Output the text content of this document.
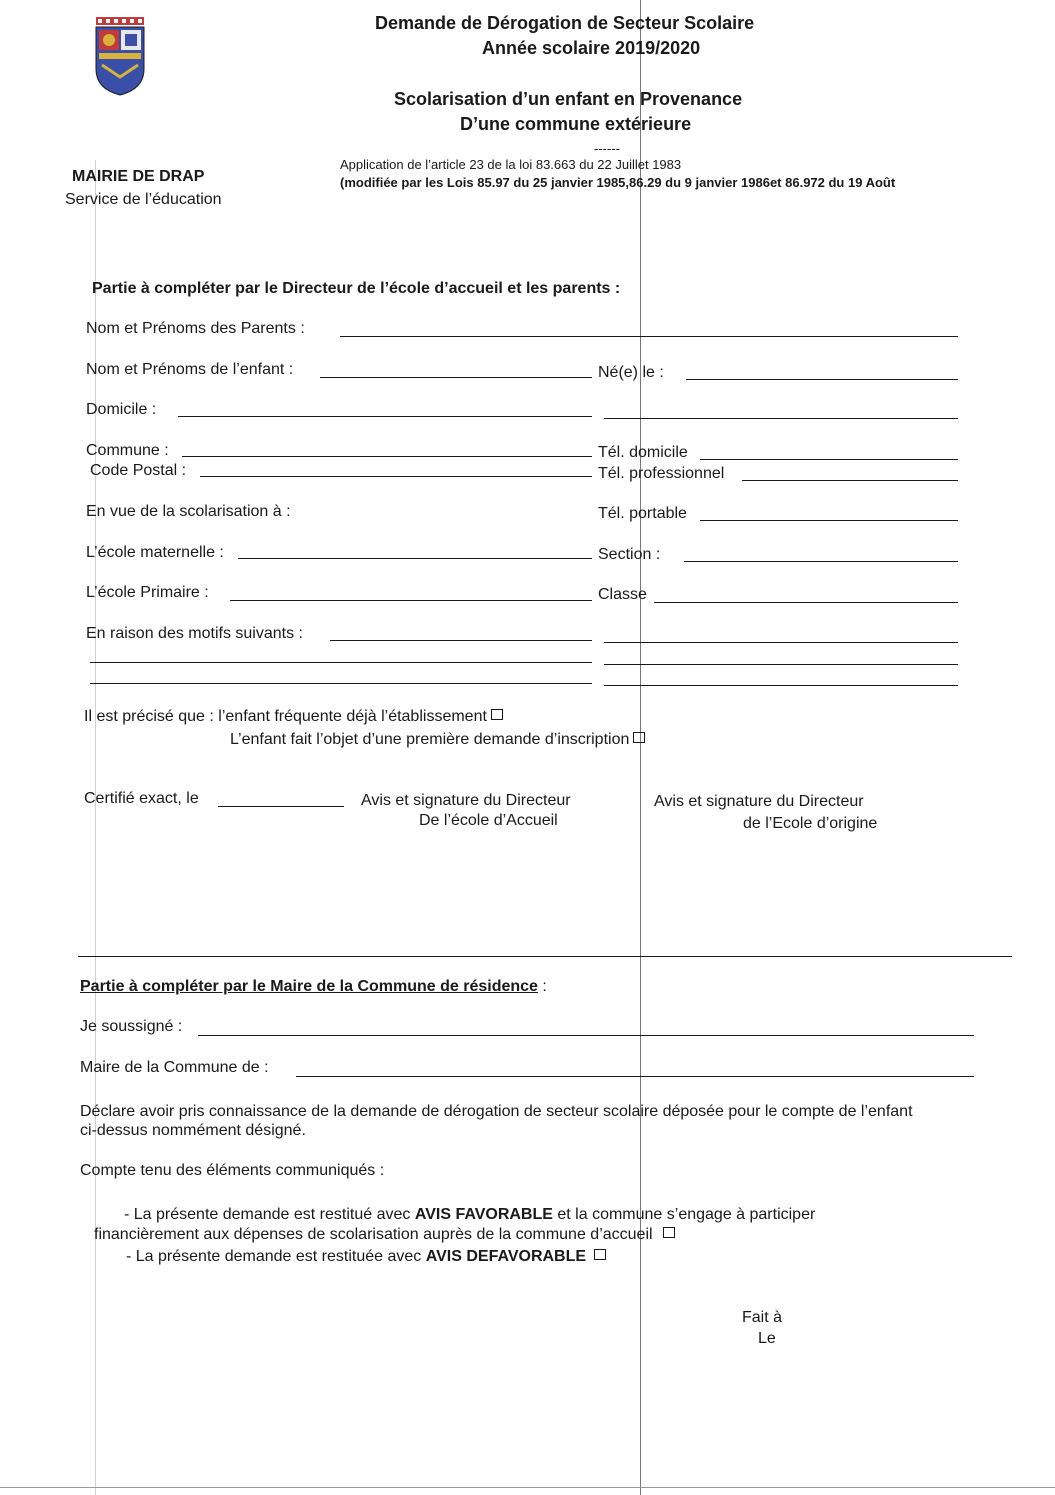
Demande de Dérogation de Secteur Scolaire
Année scolaire 2019/2020
Scolarisation d’un enfant en Provenance
D’une commune extérieure
------
Application de l’article 23 de la loi 83.663 du 22 Juillet 1983
(modifiée par les Lois 85.97 du 25 janvier 1985,86.29 du 9 janvier 1986et 86.972 du 19 Août
MAIRIE DE DRAP
Service de l’éducation
Partie à compléter par le Directeur de l’école d’accueil et les parents :
Nom et Prénoms des Parents :
Nom et Prénoms de l’enfant :	Né(e) le :
Domicile :
Commune :	Tél. domicile
Code Postal :	Tél. professionnel
En vue de la scolarisation à :	Tél. portable
L’école maternelle :	Section :
L’école Primaire :	Classe
En raison des motifs suivants :
Il est précisé que : l’enfant fréquente déjà l’établissement
L’enfant fait l’objet d’une première demande d’inscription
Certifié exact, le	Avis et signature du Directeur
De l’école d’Accueil
Avis et signature du Directeur
de l’Ecole d’origine
Partie à compléter par le Maire de la Commune de résidence :
Je soussigné :
Maire de la Commune de :
Déclare avoir pris connaissance de la demande de dérogation de secteur scolaire déposée pour le compte de l’enfant
ci-dessus nommément désigné.
Compte tenu des éléments communiqués :
- La présente demande est restitué avec AVIS FAVORABLE et la commune s’engage à participer
financièrement aux dépenses de scolarisation auprès de la commune d’accueil
- La présente demande est restituée avec AVIS DEFAVORABLE
Fait à
Le
